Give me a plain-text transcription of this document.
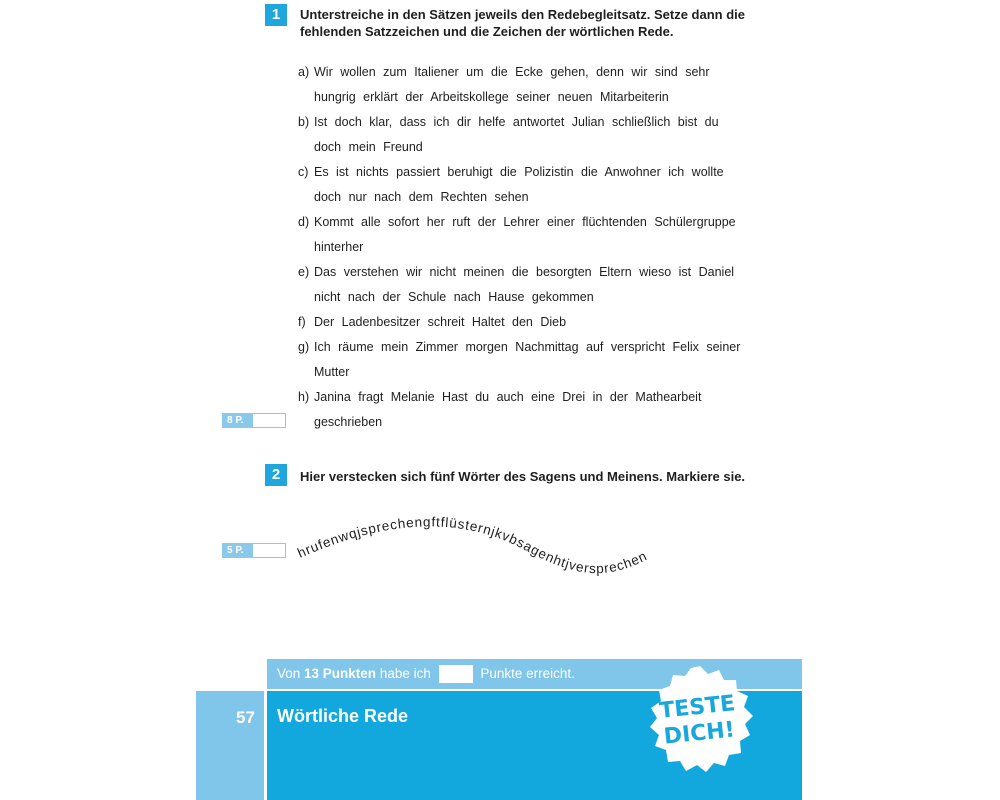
1	Unterstreiche in den Sätzen jeweils den Redebegleitsatz. Setze dann die
fehlenden Satzzeichen und die Zeichen der wörtlichen Rede.
a) Wir wollen zum Italiener um die Ecke gehen, denn wir sind sehr
hungrig erklärt der Arbeitskollege seiner neuen Mitarbeiterin
b) Ist doch klar, dass ich dir helfe antwortet Julian schließlich bist du
doch mein Freund
c) Es ist nichts passiert beruhigt die Polizistin die Anwohner ich wollte
doch nur nach dem Rechten sehen
d) Kommt alle sofort her ruft der Lehrer einer flüchtenden Schülergruppe
hinterher
e) Das verstehen wir nicht meinen die besorgten Eltern wieso ist Daniel
nicht nach der Schule nach Hause gekommen
f) Der Ladenbesitzer schreit Haltet den Dieb
g) Ich räume mein Zimmer morgen Nachmittag auf verspricht Felix seiner
Mutter
h) Janina fragt Melanie Hast du auch eine Drei in der Mathearbeit
geschrieben
8 P.
2	Hier verstecken sich fünf Wörter des Sagens und Meinens. Markiere sie.
hrufenwqjsprechengftflüsternjkvbsagenhtjversprechen
5 P.
Von 13 Punkten habe ich	Punkte erreicht.
57 Wörtliche Rede	TESTE
DICH!
